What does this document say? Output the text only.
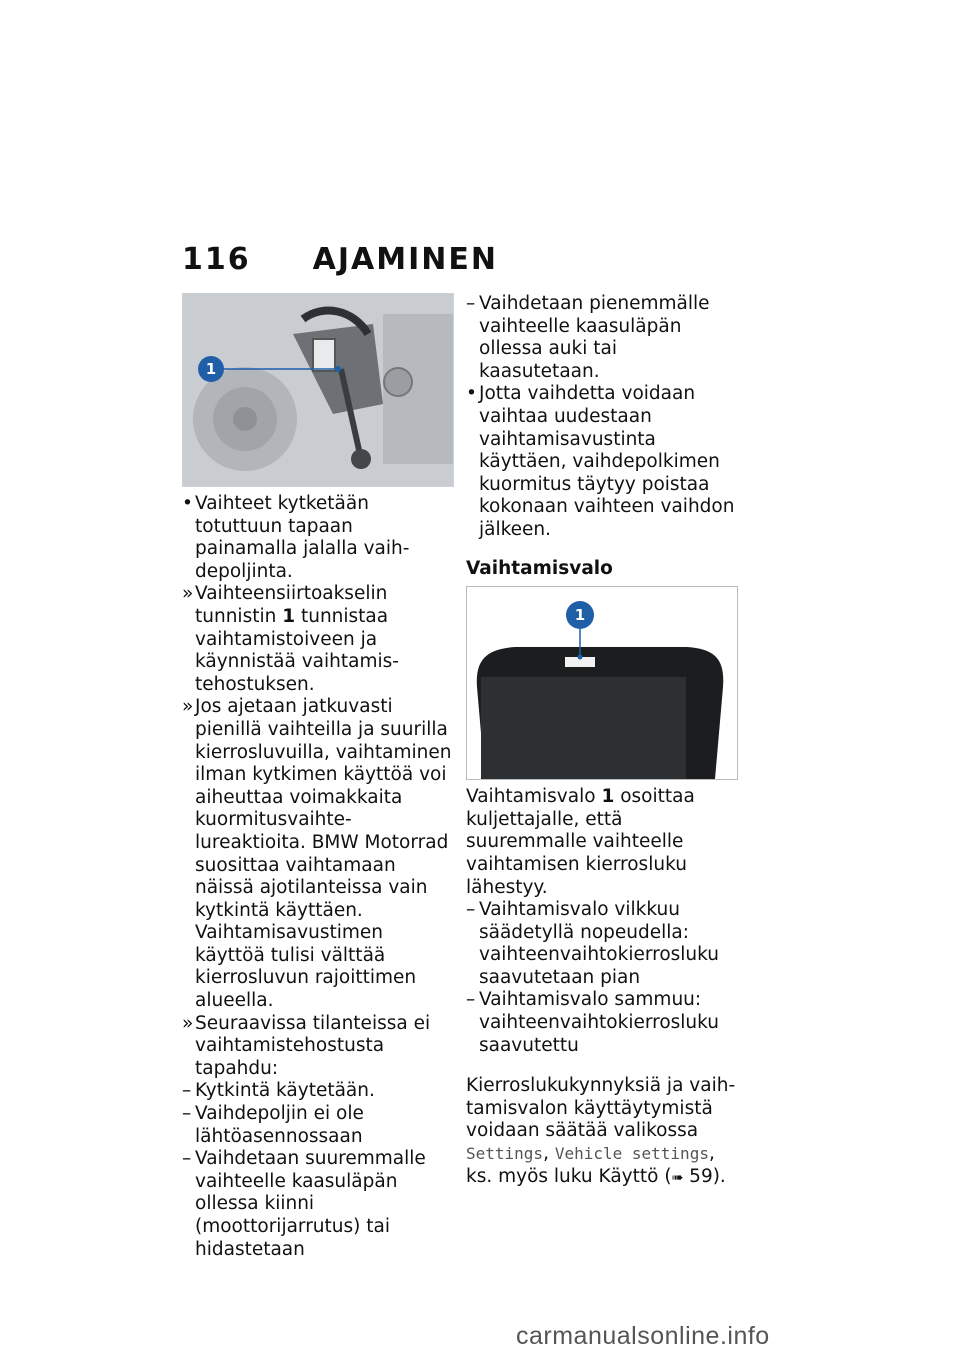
116 AJAMINEN
1
• Vaihteet kytketään totuttuun tapaan painamalla jalalla vaihdepoljinta.
» Vaihteensiirtoakselin tunnistin 1 tunnistaa vaihtamistoiveen ja käynnistää vaihtamistehostuksen.
» Jos ajetaan jatkuvasti pienillä vaihteilla ja suurilla kierrosluvuilla, vaihtaminen ilman kytkimen käyttöä voi aiheuttaa voimakkaita kuormitusvaihtelureaktioita. BMW Motorrad suosittaa vaihtamaan näissä ajotilanteissa vain kytkintä käyttäen. Vaihtamisavustimen käyttöä tulisi välttää kierrosluvun rajoittimen alueella.
» Seuraavissa tilanteissa ei vaihtamistehostusta tapahdu:
– Kytkintä käytetään.
– Vaihdepoljin ei ole lähtöasennossaan
– Vaihdetaan suuremmalle vaihteelle kaasuläpän ollessa kiinni (moottorijarrutus) tai hidastetaan
– Vaihdetaan pienemmälle vaihteelle kaasuläpän ollessa auki tai kaasutetaan.
• Jotta vaihdetta voidaan vaihtaa uudestaan vaihtamisavustinta käyttäen, vaihdepolkimen kuormitus täytyy poistaa kokonaan vaihteen vaihdon jälkeen.
Vaihtamisvalo
1
Vaihtamisvalo 1 osoittaa kuljettajalle, että suuremmalle vaihteelle vaihtamisen kierrosluku lähestyy.
– Vaihtamisvalo vilkkuu säädetyllä nopeudella: vaihteenvaihtokierrosluku saavutetaan pian
– Vaihtamisvalo sammuu: vaihteenvaihtokierrosluku saavutettu
Kierroslukukynnyksiä ja vaihtamisvalon käyttäytymistä voidaan säätää valikossa Settings, Vehicle settings, ks. myös luku Käyttö (➠ 59).
carmanualsonline.info
